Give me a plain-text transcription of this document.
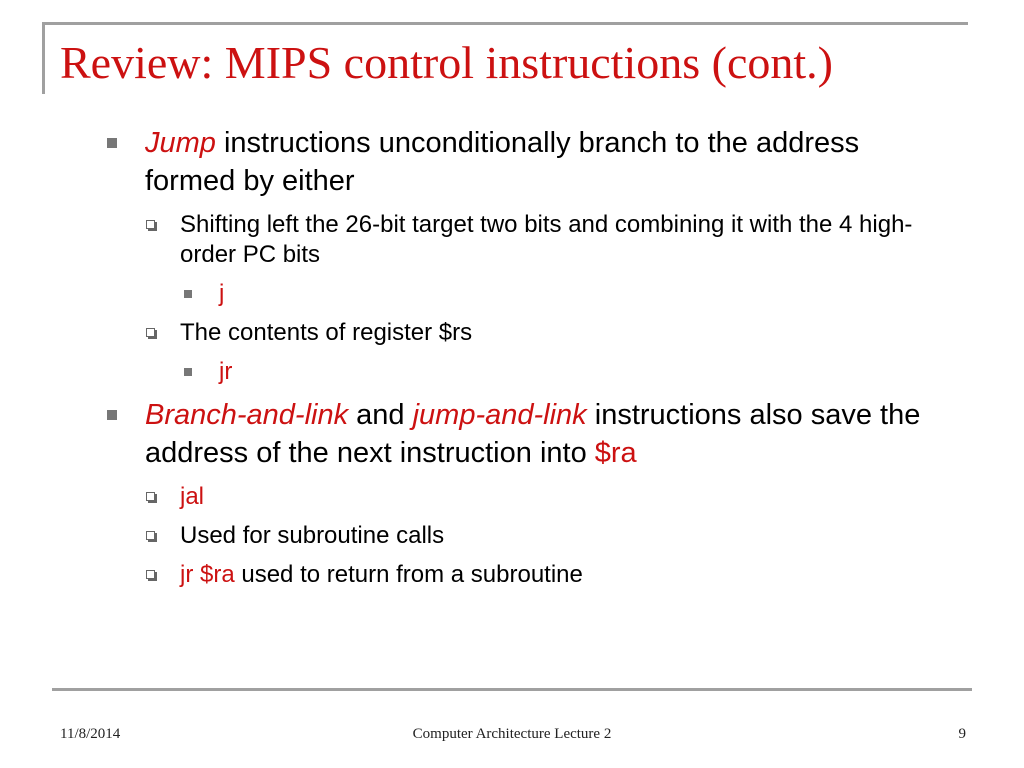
Review: MIPS control instructions (cont.)
Jump instructions unconditionally branch to the address formed by either
Shifting left the 26-bit target two bits and combining it with the 4 high-order PC bits
j
The contents of register $rs
jr
Branch-and-link and jump-and-link instructions also save the address of the next instruction into $ra
jal
Used for subroutine calls
jr $ra used to return from a subroutine
11/8/2014	Computer Architecture Lecture 2	9
